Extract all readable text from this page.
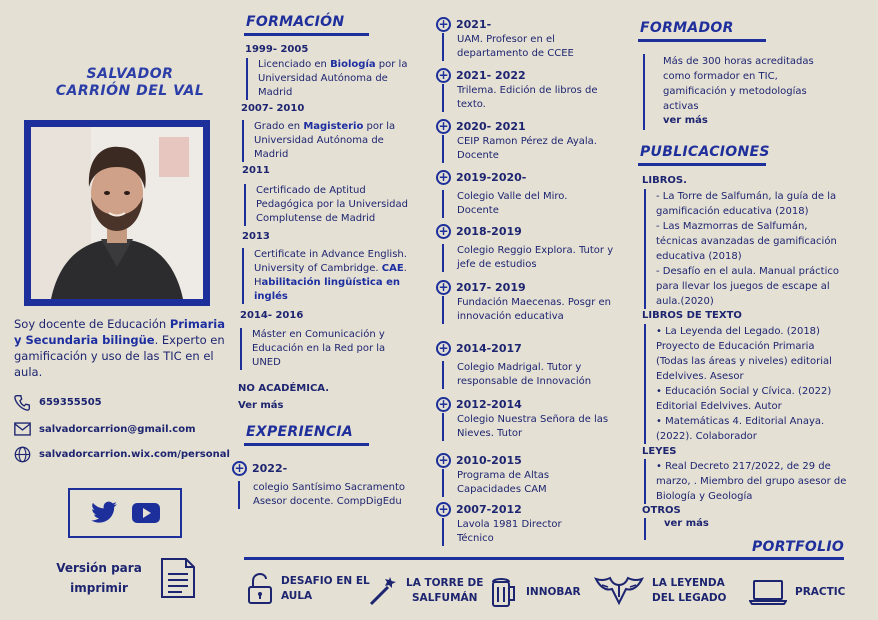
SALVADOR
CARRIÓN DEL VAL
Soy docente de Educación Primaria y Secundaria bilingüe. Experto en gamificación y uso de las TIC en el aula.
659355505
salvadorcarrion@gmail.com
salvadorcarrion.wix.com/personal
Versión para
imprimir
FORMACIÓN
1999- 2005
Licenciado en Biología por la Universidad Autónoma de Madrid
2007- 2010
Grado en Magisterio por la Universidad Autónoma de Madrid
2011
Certificado de Aptitud Pedagógica por la Universidad Complutense de Madrid
2013
Certificate in Advance English. University of Cambridge. CAE.
Habilitación lingüística en inglés
2014- 2016
Máster en Comunicación y Educación en la Red por la UNED
NO ACADÉMICA.
Ver más
EXPERIENCIA
+ 2022-
colegio Santísimo Sacramento Asesor docente. CompDigEdu
+ 2021-
UAM. Profesor en el departamento de CCEE
+ 2021- 2022
Trilema. Edición de libros de texto.
+ 2020- 2021
CEIP Ramon Pérez de Ayala. Docente
+ 2019-2020-
Colegio Valle del Miro. Docente
+ 2018-2019
Colegio Reggio Explora. Tutor y jefe de estudios
+ 2017- 2019
Fundación Maecenas. Posgr en innovación educativa
+ 2014-2017
Colegio Madrigal. Tutor y responsable de Innovación
+ 2012-2014
Colegio Nuestra Señora de las Nieves. Tutor
+ 2010-2015
Programa de Altas Capacidades CAM
+ 2007-2012
Lavola 1981 Director Técnico
FORMADOR
Más de 300 horas acreditadas como formador en TIC, gamificación y metodologías activas
ver más
PUBLICACIONES
LIBROS.
- La Torre de Salfumán, la guía de la gamificación educativa (2018)
- Las Mazmorras de Salfumán, técnicas avanzadas de gamificación educativa (2018)
- Desafío en el aula. Manual práctico para llevar los juegos de escape al aula.(2020)
LIBROS DE TEXTO
• La Leyenda del Legado. (2018) Proyecto de Educación Primaria (Todas las áreas y niveles) editorial Edelvives. Asesor
• Educación Social y Cívica. (2022) Editorial Edelvives. Autor
• Matemáticas 4. Editorial Anaya. (2022). Colaborador
LEYES
• Real Decreto 217/2022, de 29 de marzo, . Miembro del grupo asesor de Biología y Geología
OTROS
ver más
PORTFOLIO
DESAFIO EN EL
AULA
LA TORRE DE
SALFUMÁN
INNOBAR
LA LEYENDA
DEL LEGADO
PRACTIC
